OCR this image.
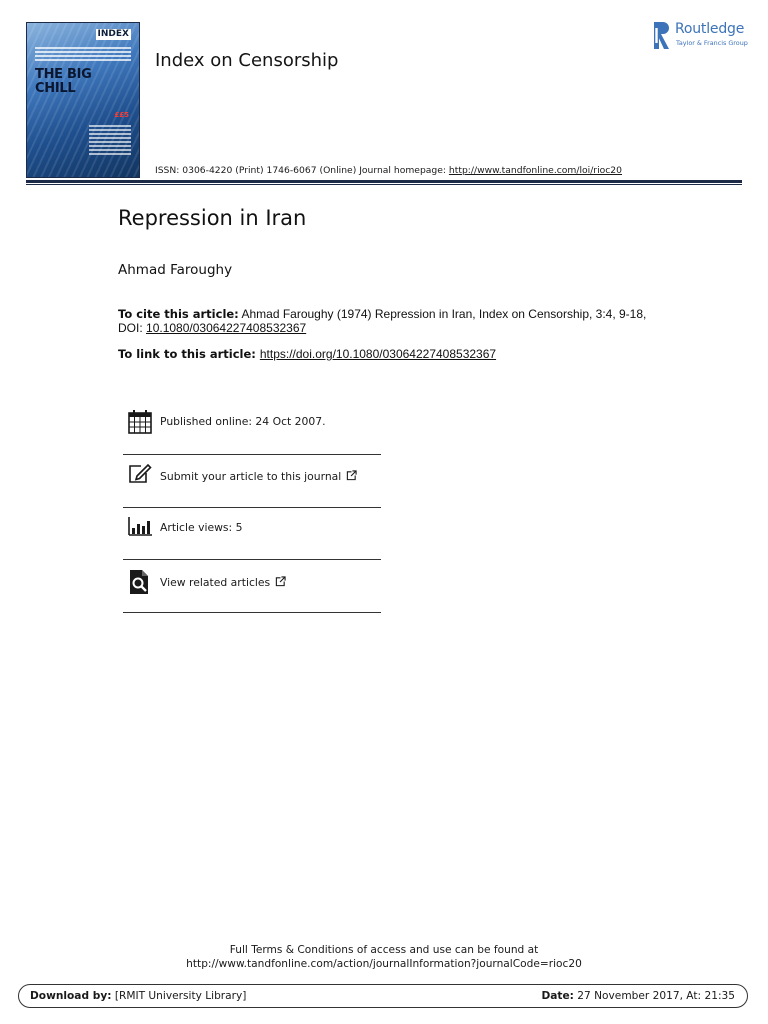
INDEX
THE BIG CHILL
££5
Index on Censorship
ISSN: 0306-4220 (Print) 1746-6067 (Online) Journal homepage: http://www.tandfonline.com/loi/rioc20
Routledge
Taylor & Francis Group
Repression in Iran
Ahmad Faroughy
To cite this article: Ahmad Faroughy (1974) Repression in Iran, Index on Censorship, 3:4, 9-18,
DOI: 10.1080/03064227408532367
To link to this article: https://doi.org/10.1080/03064227408532367
Published online: 24 Oct 2007.
Submit your article to this journal
Article views: 5
View related articles
Full Terms & Conditions of access and use can be found at
http://www.tandfonline.com/action/journalInformation?journalCode=rioc20
Download by: [RMIT University Library]	Date: 27 November 2017, At: 21:35
